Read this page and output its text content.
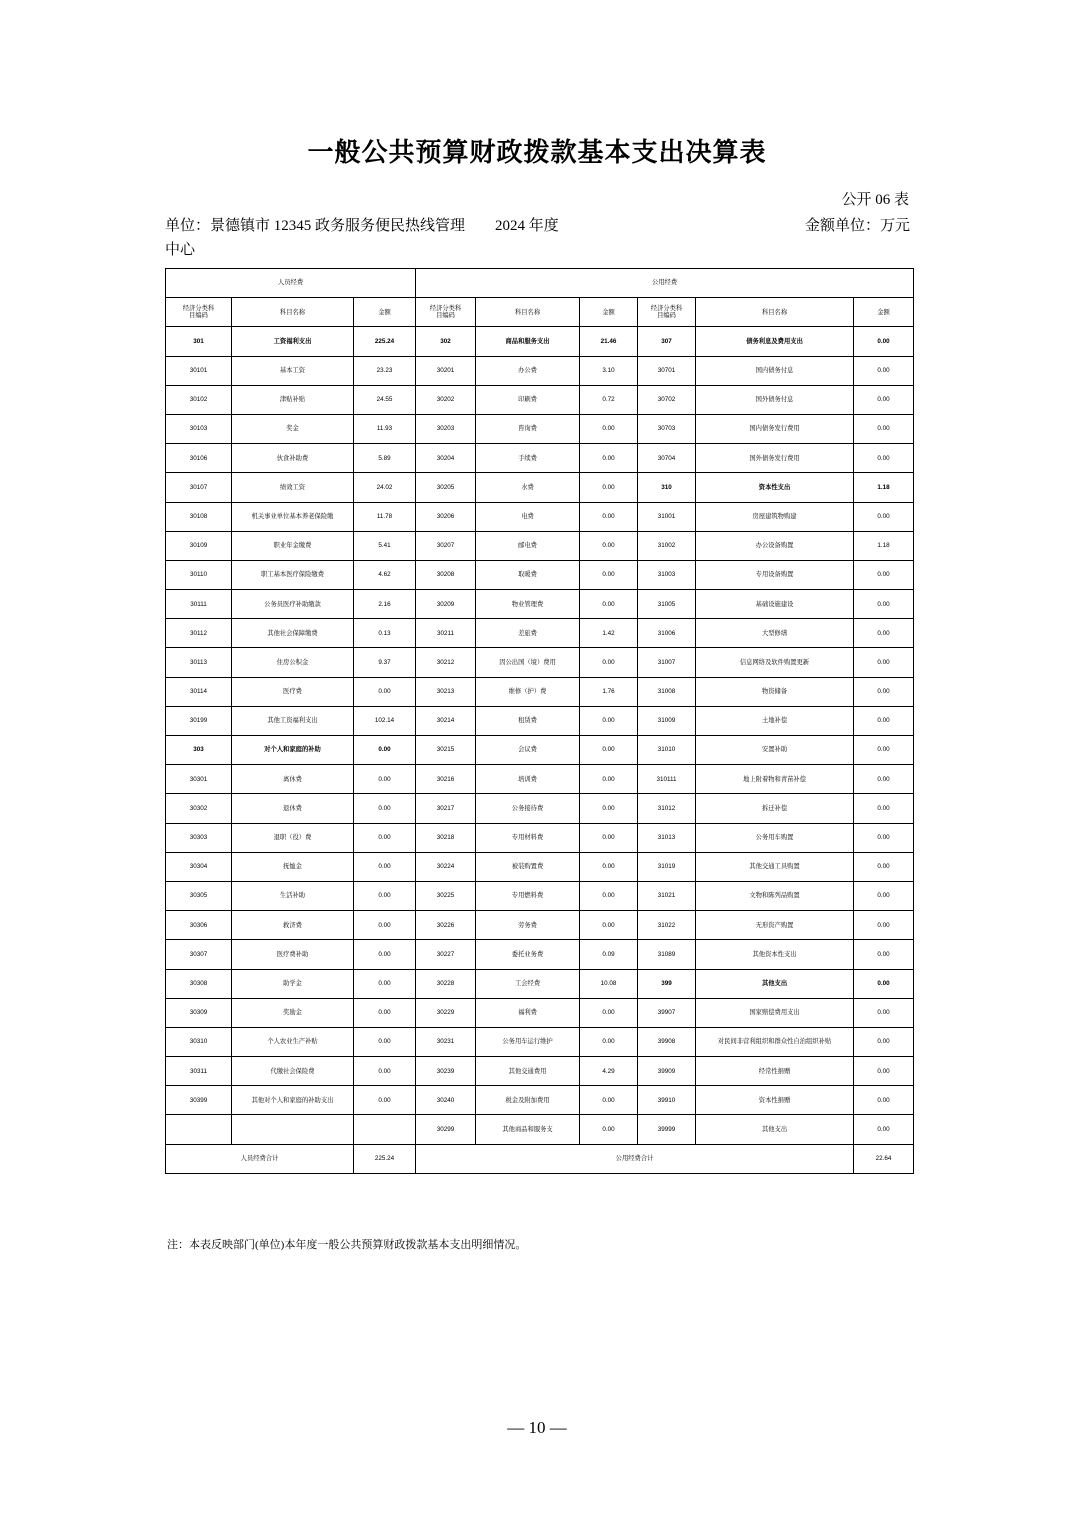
一般公共预算财政拨款基本支出决算表
公开 06 表
单位：景德镇市 12345 政务服务便民热线管理中心
2024 年度	金额单位：万元
人员经费			公用经费					

经济分类科
目编码	科目名称	金额	经济分类科
目编码	科目名称	金额	经济分类科
目编码	科目名称	金额
301	工资福利支出	225.24	302	商品和服务支出	21.46	307	债务利息及费用支出	0.00
30101	基本工资	23.23	30201	办公费	3.10	30701	国内债务付息	0.00
30102	津贴补贴	24.55	30202	印刷费	0.72	30702	国外债务付息	0.00
30103	奖金	11.93	30203	咨询费	0.00	30703	国内债务发行费用	0.00
30106	伙食补助费	5.89	30204	手续费	0.00	30704	国外债务发行费用	0.00
30107	绩效工资	24.02	30205	水费	0.00	310	资本性支出	1.18
30108	机关事业单位基本养老保险缴	11.78	30206	电费	0.00	31001	房屋建筑物购建	0.00
30109	职业年金缴费	5.41	30207	邮电费	0.00	31002	办公设备购置	1.18
30110	职工基本医疗保险缴费	4.62	30208	取暖费	0.00	31003	专用设备购置	0.00
30111	公务员医疗补助缴款	2.16	30209	物业管理费	0.00	31005	基础设施建设	0.00
30112	其他社会保障缴费	0.13	30211	差旅费	1.42	31006	大型修缮	0.00
30113	住房公积金	9.37	30212	因公出国（境）费用	0.00	31007	信息网络及软件购置更新	0.00
30114	医疗费	0.00	30213	维修（护）费	1.76	31008	物资储备	0.00
30199	其他工资福利支出	102.14	30214	租赁费	0.00	31009	土地补偿	0.00
303	对个人和家庭的补助	0.00	30215	会议费	0.00	31010	安置补助	0.00
30301	离休费	0.00	30216	培训费	0.00	310111	地上附着物和青苗补偿	0.00
30302	退休费	0.00	30217	公务接待费	0.00	31012	拆迁补偿	0.00
30303	退职（役）费	0.00	30218	专用材料费	0.00	31013	公务用车购置	0.00
30304	抚恤金	0.00	30224	被装购置费	0.00	31019	其他交通工具购置	0.00
30305	生活补助	0.00	30225	专用燃料费	0.00	31021	文物和陈列品购置	0.00
30306	救济费	0.00	30226	劳务费	0.00	31022	无形资产购置	0.00
30307	医疗费补助	0.00	30227	委托业务费	0.09	31089	其他资本性支出	0.00
30308	助学金	0.00	30228	工会经费	10.08	399	其他支出	0.00
30309	奖励金	0.00	30229	福利费	0.00	39907	国家赔偿费用支出	0.00
30310	个人农业生产补贴	0.00	30231	公务用车运行维护	0.00	39908	对民间非营利组织和群众性自治组织补贴	0.00
30311	代缴社会保险费	0.00	30239	其他交通费用	4.29	39909	经常性捐赠	0.00
30399	其他对个人和家庭的补助支出	0.00	30240	税金及附加费用	0.00	39910	资本性捐赠	0.00
			30299	其他商品和服务支	0.00	39999	其他支出	0.00
人员经费合计		225.24	公用经费合计					22.64
注：本表反映部门(单位)本年度一般公共预算财政拨款基本支出明细情况。
— 10 —
